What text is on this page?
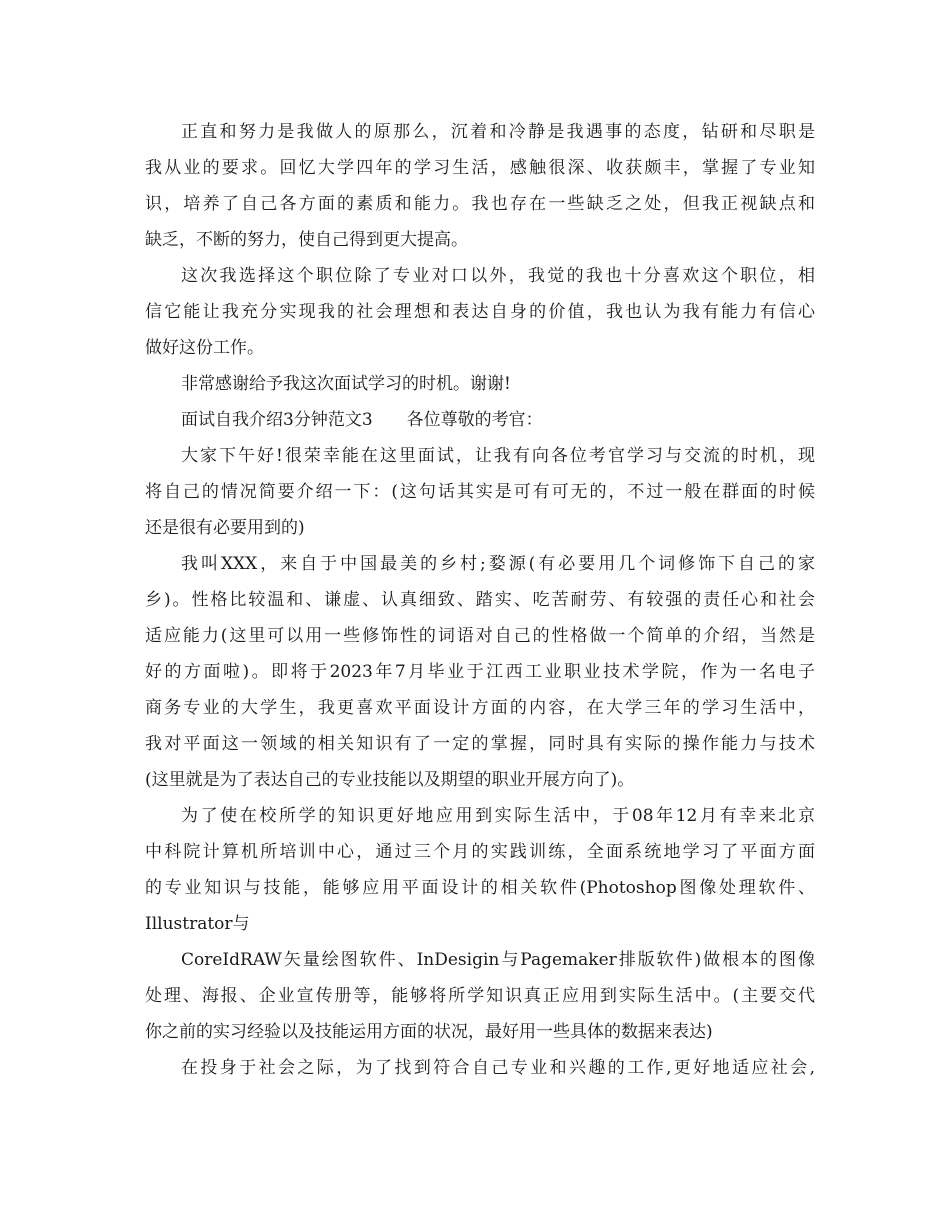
正直和努力是我做人的原那么，沉着和冷静是我遇事的态度，钻研和尽职是
我从业的要求。回忆大学四年的学习生活，感触很深、收获颇丰，掌握了专业知
识，培养了自己各方面的素质和能力。我也存在一些缺乏之处，但我正视缺点和
缺乏，不断的努力，使自己得到更大提高。
这次我选择这个职位除了专业对口以外，我觉的我也十分喜欢这个职位，相
信它能让我充分实现我的社会理想和表达自身的价值，我也认为我有能力有信心
做好这份工作。
非常感谢给予我这次面试学习的时机。谢谢!
面试自我介绍3分钟范文3　　各位尊敬的考官：
大家下午好!很荣幸能在这里面试，让我有向各位考官学习与交流的时机，现
将自己的情况简要介绍一下：(这句话其实是可有可无的，不过一般在群面的时候
还是很有必要用到的)
我叫XXX，来自于中国最美的乡村;婺源(有必要用几个词修饰下自己的家
乡)。性格比较温和、谦虚、认真细致、踏实、吃苦耐劳、有较强的责任心和社会
适应能力(这里可以用一些修饰性的词语对自己的性格做一个简单的介绍，当然是
好的方面啦)。即将于2023年7月毕业于江西工业职业技术学院，作为一名电子
商务专业的大学生，我更喜欢平面设计方面的内容，在大学三年的学习生活中，
我对平面这一领域的相关知识有了一定的掌握，同时具有实际的操作能力与技术
(这里就是为了表达自己的专业技能以及期望的职业开展方向了)。
为了使在校所学的知识更好地应用到实际生活中，于08年12月有幸来北京
中科院计算机所培训中心，通过三个月的实践训练，全面系统地学习了平面方面
的专业知识与技能，能够应用平面设计的相关软件(Photoshop图像处理软件、
Illustrator与
CoreIdRAW矢量绘图软件、InDesigin与Pagemaker排版软件)做根本的图像
处理、海报、企业宣传册等，能够将所学知识真正应用到实际生活中。(主要交代
你之前的实习经验以及技能运用方面的状况，最好用一些具体的数据来表达)
在投身于社会之际，为了找到符合自己专业和兴趣的工作,更好地适应社会,
